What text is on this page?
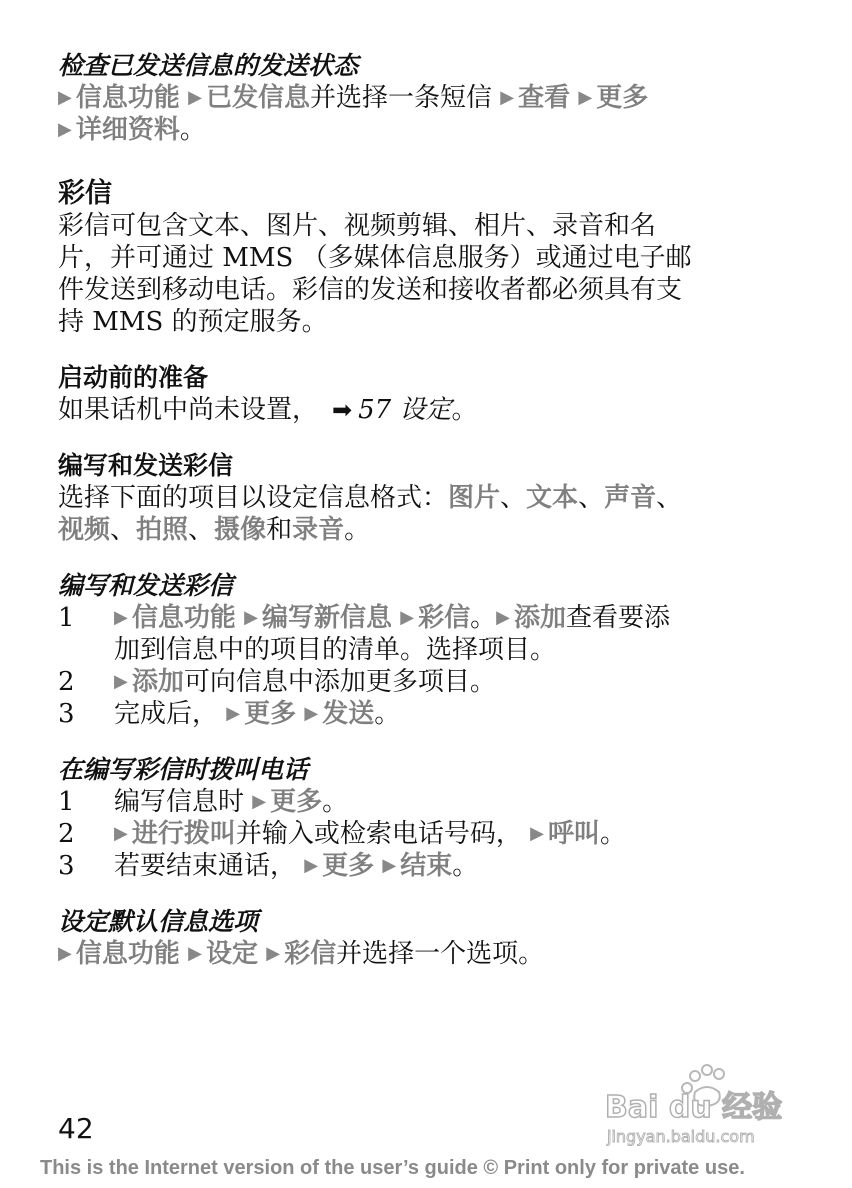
检查已发送信息的发送状态

▶ 信息功能 ▶ 已发信息并选择一条短信 ▶ 查看 ▶ 更多

▶ 详细资料。

彩信

彩信可包含文本、图片、视频剪辑、相片、录音和名

片，并可通过 MMS （多媒体信息服务）或通过电子邮

件发送到移动电话。彩信的发送和接收者都必须具有支

持 MMS 的预定服务。

启动前的准备

如果话机中尚未设置， ➡ 57 设定。

编写和发送彩信

选择下面的项目以设定信息格式：图片、文本、声音、

视频、拍照、摄像和录音。

编写和发送彩信
1 ▶ 信息功能 ▶ 编写新信息 ▶ 彩信。▶ 添加查看要添
加到信息中的项目的清单。选择项目。
2 ▶ 添加可向信息中添加更多项目。
3 完成后， ▶ 更多 ▶ 发送。
在编写彩信时拨叫电话
1 编写信息时 ▶ 更多。
2 ▶ 进行拨叫并输入或检索电话号码， ▶ 呼叫。
3 若要结束通话， ▶ 更多 ▶ 结束。
设定默认信息选项

▶ 信息功能 ▶ 设定 ▶ 彩信并选择一个选项。

Bai du 经验
jingyan.baidu.com
42
This is the Internet version of the user’s guide © Print only for private use.
